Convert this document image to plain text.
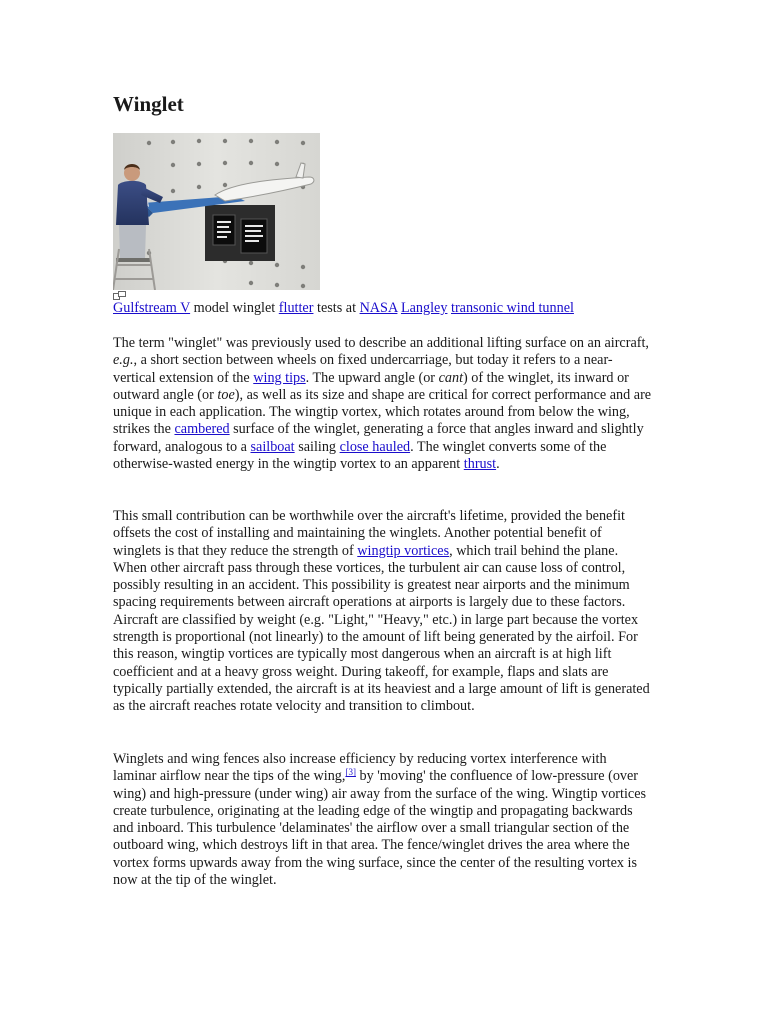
Winglet
Gulfstream V model winglet flutter tests at NASA Langley transonic wind tunnel

The term "winglet" was previously used to describe an additional lifting surface on an aircraft, e.g., a short section between wheels on fixed undercarriage, but today it refers to a near-vertical extension of the wing tips. The upward angle (or cant) of the winglet, its inward or outward angle (or toe), as well as its size and shape are critical for correct performance and are unique in each application. The wingtip vortex, which rotates around from below the wing, strikes the cambered surface of the winglet, generating a force that angles inward and slightly forward, analogous to a sailboat sailing close hauled. The winglet converts some of the otherwise-wasted energy in the wingtip vortex to an apparent thrust.

This small contribution can be worthwhile over the aircraft's lifetime, provided the benefit offsets the cost of installing and maintaining the winglets. Another potential benefit of winglets is that they reduce the strength of wingtip vortices, which trail behind the plane. When other aircraft pass through these vortices, the turbulent air can cause loss of control, possibly resulting in an accident. This possibility is greatest near airports and the minimum spacing requirements between aircraft operations at airports is largely due to these factors. Aircraft are classified by weight (e.g. "Light," "Heavy," etc.) in large part because the vortex strength is proportional (not linearly) to the amount of lift being generated by the airfoil. For this reason, wingtip vortices are typically most dangerous when an aircraft is at high lift coefficient and at a heavy gross weight. During takeoff, for example, flaps and slats are typically partially extended, the aircraft is at its heaviest and a large amount of lift is generated as the aircraft reaches rotate velocity and transition to climbout.

Winglets and wing fences also increase efficiency by reducing vortex interference with laminar airflow near the tips of the wing,[3] by 'moving' the confluence of low-pressure (over wing) and high-pressure (under wing) air away from the surface of the wing. Wingtip vortices create turbulence, originating at the leading edge of the wingtip and propagating backwards and inboard. This turbulence 'delaminates' the airflow over a small triangular section of the outboard wing, which destroys lift in that area. The fence/winglet drives the area where the vortex forms upwards away from the wing surface, since the center of the resulting vortex is now at the tip of the winglet.
